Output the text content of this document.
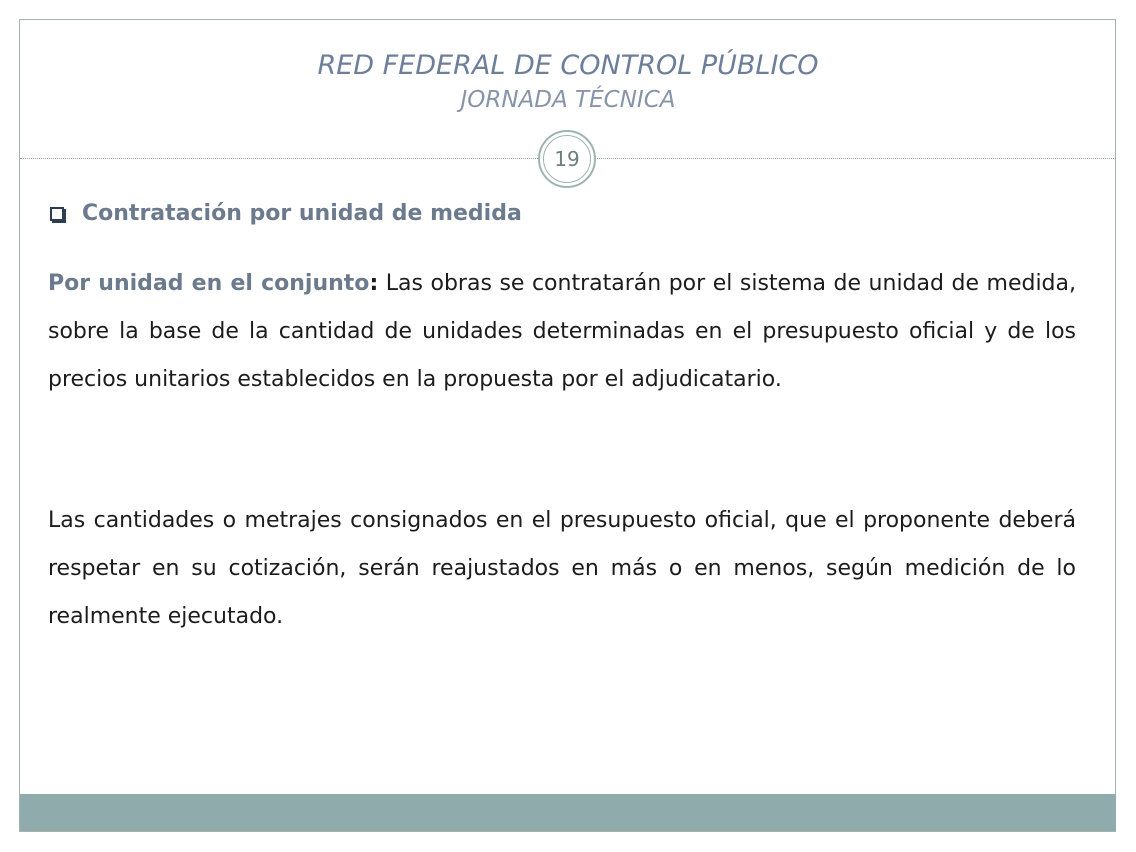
RED FEDERAL DE CONTROL PÚBLICO
JORNADA TÉCNICA
19
Contratación por unidad de medida

Por unidad en el conjunto: Las obras se contratarán por el sistema de unidad de medida, sobre la base de la cantidad de unidades determinadas en el presupuesto oficial y de los precios unitarios establecidos en la propuesta por el adjudicatario.

Las cantidades o metrajes consignados en el presupuesto oficial, que el proponente deberá respetar en su cotización, serán reajustados en más o en menos, según medición de lo realmente ejecutado.
